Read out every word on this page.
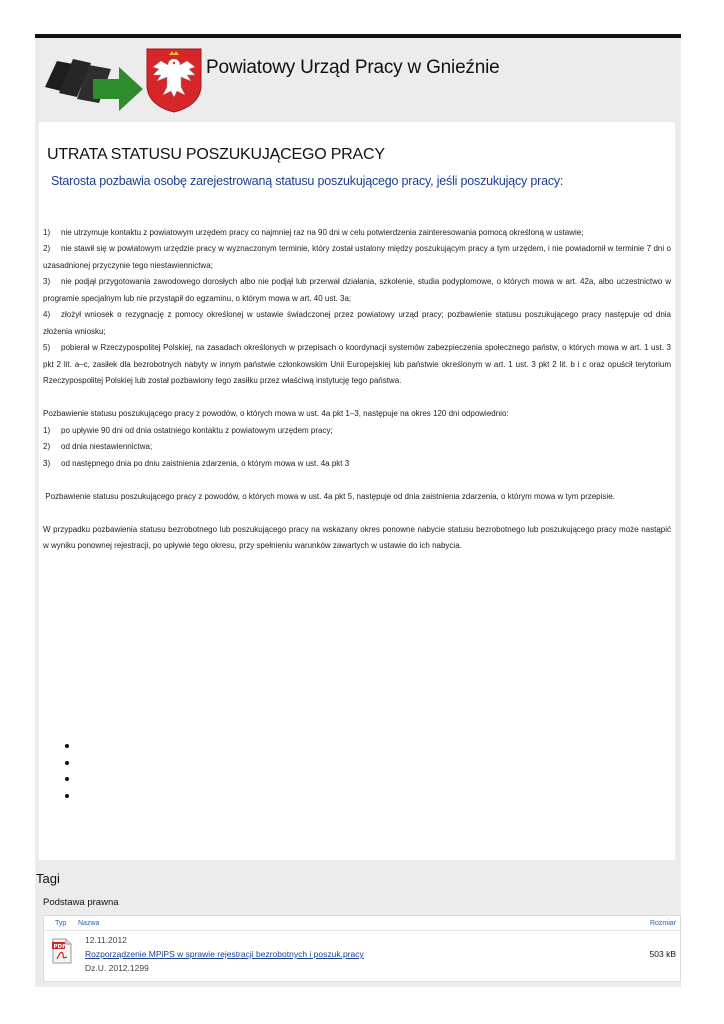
Powiatowy Urząd Pracy w Gnieźnie
UTRATA STATUSU POSZUKUJĄCEGO PRACY
Starosta pozbawia osobę zarejestrowaną statusu poszukującego pracy, jeśli poszukujący pracy:

1) nie utrzymuje kontaktu z powiatowym urzędem pracy co najmniej raz na 90 dni w celu potwierdzenia zainteresowania pomocą określoną w ustawie;

2) nie stawił się w powiatowym urzędzie pracy w wyznaczonym terminie, który został ustalony między poszukującym pracy a tym urzędem, i nie powiadomił w terminie 7 dni o uzasadnionej przyczynie tego niestawiennictwa;

3) nie podjął przygotowania zawodowego dorosłych albo nie podjął lub przerwał działania, szkolenie, studia podyplomowe, o których mowa w art. 42a, albo uczestnictwo w programie specjalnym lub nie przystąpił do egzaminu, o którym mowa w art. 40 ust. 3a;

4) złożył wniosek o rezygnację z pomocy określonej w ustawie świadczonej przez powiatowy urząd pracy; pozbawienie statusu poszukującego pracy następuje od dnia złożenia wniosku;

5) pobierał w Rzeczypospolitej Polskiej, na zasadach określonych w przepisach o koordynacji systemów zabezpieczenia społecznego państw, o których mowa w art. 1 ust. 3 pkt 2 lit. a–c, zasiłek dla bezrobotnych nabyty w innym państwie członkowskim Unii Europejskiej lub państwie określonym w art. 1 ust. 3 pkt 2 lit. b i c oraz opuścił terytorium Rzeczypospolitej Polskiej lub został pozbawiony tego zasiłku przez właściwą instytucję tego państwa.

Pozbawienie statusu poszukującego pracy z powodów, o których mowa w ust. 4a pkt 1–3, następuje na okres 120 dni odpowiednio:

1) po upływie 90 dni od dnia ostatniego kontaktu z powiatowym urzędem pracy;

2) od dnia niestawiennictwa;

3) od następnego dnia po dniu zaistnienia zdarzenia, o którym mowa w ust. 4a pkt 3

Pozbawienie statusu poszukującego pracy z powodów, o których mowa w ust. 4a pkt 5, następuje od dnia zaistnienia zdarzenia, o którym mowa w tym przepisie.

W przypadku pozbawienia statusu bezrobotnego lub poszukującego pracy na wskazany okres ponowne nabycie statusu bezrobotnego lub poszukującego pracy może nastąpić w wyniku ponownej rejestracji, po upływie tego okresu, przy spełnieniu warunków zawartych w ustawie do ich nabycia.

Tagi
Podstawa prawna
Typ Nazwa	Rozmiar
PDF
12.11.2012
Rozporządzenie MPiPS w sprawie rejestracji bezrobotnych i poszuk.pracy
Dz.U. 2012.1299
503 kB
